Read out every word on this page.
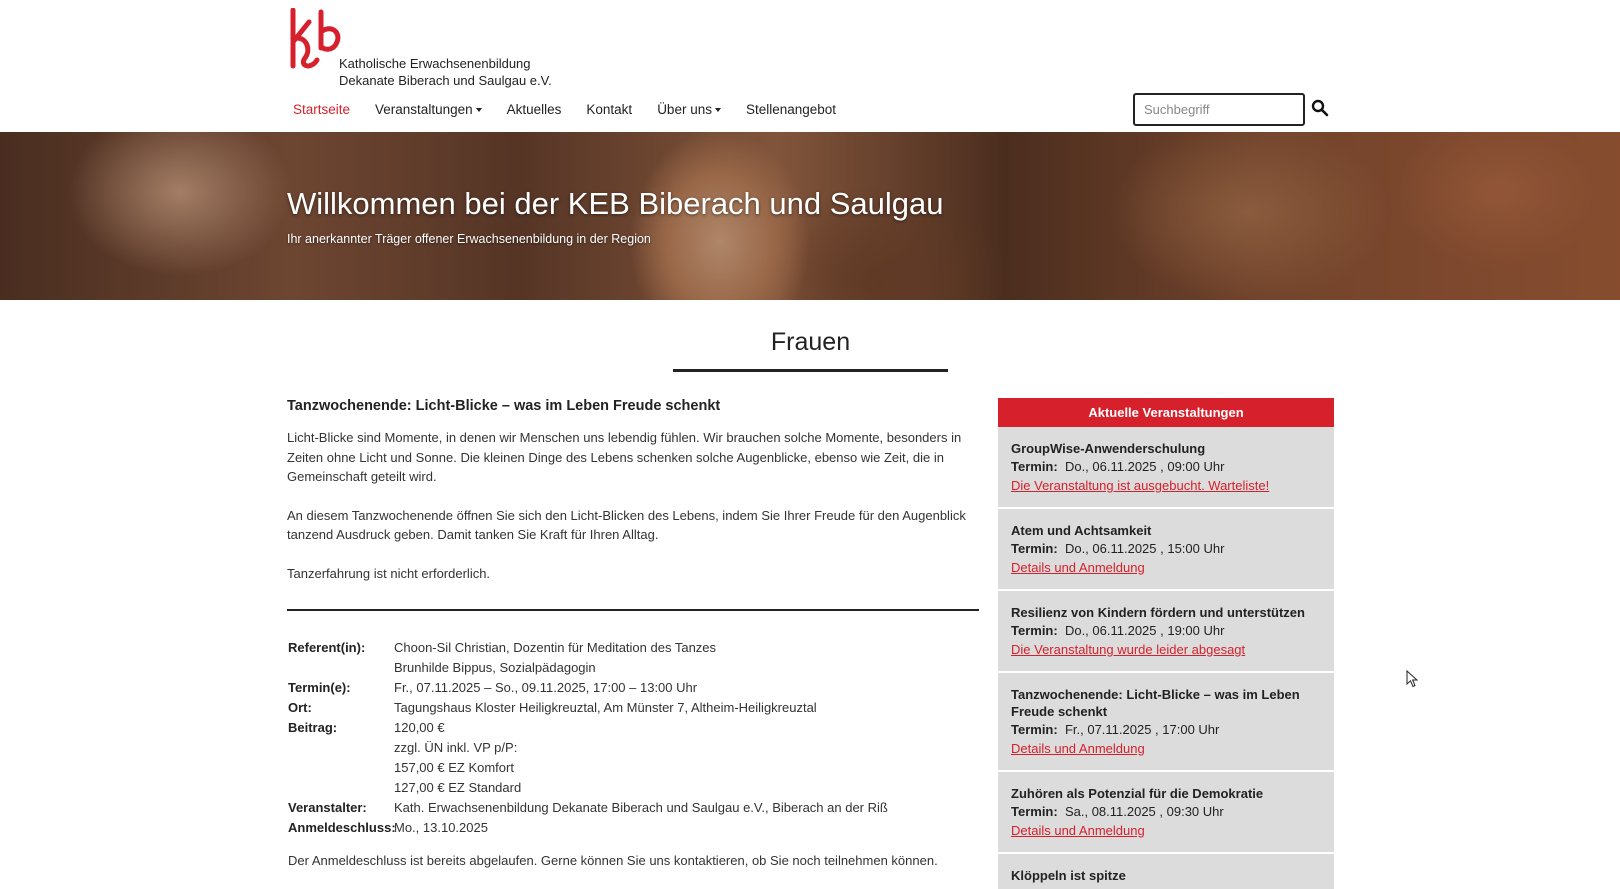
Katholische Erwachsenenbildung
Dekanate Biberach und Saulgau e.V.
Startseite Veranstaltungen	Aktuelles Kontakt Über uns	Stellenangebot
Suchbegriff
Willkommen bei der KEB Biberach und Saulgau
Ihr anerkannter Träger offener Erwachsenenbildung in der Region
Frauen
Tanzwochenende: Licht-Blicke – was im Leben Freude schenkt

Licht-Blicke sind Momente, in denen wir Menschen uns lebendig fühlen. Wir brauchen solche Momente, besonders in Zeiten ohne Licht und Sonne. Die kleinen Dinge des Lebens schenken solche Augenblicke, ebenso wie Zeit, die in Gemeinschaft geteilt wird.

An diesem Tanzwochenende öffnen Sie sich den Licht-Blicken des Lebens, indem Sie Ihrer Freude für den Augenblick tanzend Ausdruck geben. Damit tanken Sie Kraft für Ihren Alltag.

Tanzerfahrung ist nicht erforderlich.

Referent(in):	Choon-Sil Christian, Dozentin für Meditation des Tanzes
Brunhilde Bippus, Sozialpädagogin
Termin(e):	Fr., 07.11.2025 – So., 09.11.2025, 17:00 – 13:00 Uhr
Ort:	Tagungshaus Kloster Heiligkreuztal, Am Münster 7, Altheim-Heiligkreuztal
Beitrag:	120,00 €
zzgl. ÜN inkl. VP p/P:
157,00 € EZ Komfort
127,00 € EZ Standard
Veranstalter:	Kath. Erwachsenenbildung Dekanate Biberach und Saulgau e.V., Biberach an der Riß
Anmeldeschluss:
Mo., 13.10.2025
Der Anmeldeschluss ist bereits abgelaufen. Gerne können Sie uns kontaktieren, ob Sie noch teilnehmen können.
Aktuelle Veranstaltungen
GroupWise-Anwenderschulung
Termin: Do., 06.11.2025 , 09:00 Uhr
Die Veranstaltung ist ausgebucht. Warteliste!
Atem und Achtsamkeit
Termin: Do., 06.11.2025 , 15:00 Uhr
Details und Anmeldung
Resilienz von Kindern fördern und unterstützen
Termin: Do., 06.11.2025 , 19:00 Uhr
Die Veranstaltung wurde leider abgesagt
Tanzwochenende: Licht-Blicke – was im Leben Freude schenkt
Termin: Fr., 07.11.2025 , 17:00 Uhr
Details und Anmeldung
Zuhören als Potenzial für die Demokratie
Termin: Sa., 08.11.2025 , 09:30 Uhr
Details und Anmeldung
Klöppeln ist spitze
